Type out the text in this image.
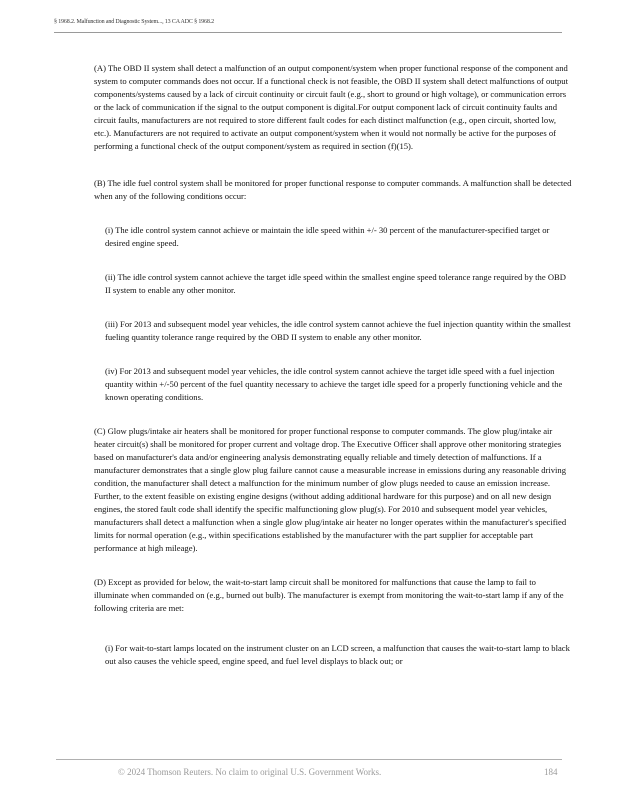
§ 1968.2. Malfunction and Diagnostic System..., 13 CA ADC § 1968.2

(A) The OBD II system shall detect a malfunction of an output component/system when proper functional response of the component and system to computer commands does not occur. If a functional check is not feasible, the OBD II system shall detect malfunctions of output components/systems caused by a lack of circuit continuity or circuit fault (e.g., short to ground or high voltage), or communication errors or the lack of communication if the signal to the output component is digital.For output component lack of circuit continuity faults and circuit faults, manufacturers are not required to store different fault codes for each distinct malfunction (e.g., open circuit, shorted low, etc.). Manufacturers are not required to activate an output component/system when it would not normally be active for the purposes of performing a functional check of the output component/system as required in section (f)(15).

(B) The idle fuel control system shall be monitored for proper functional response to computer commands. A malfunction shall be detected when any of the following conditions occur:

(i) The idle control system cannot achieve or maintain the idle speed within +/- 30 percent of the manufacturer-specified target or desired engine speed.

(ii) The idle control system cannot achieve the target idle speed within the smallest engine speed tolerance range required by the OBD II system to enable any other monitor.

(iii) For 2013 and subsequent model year vehicles, the idle control system cannot achieve the fuel injection quantity within the smallest fueling quantity tolerance range required by the OBD II system to enable any other monitor.

(iv) For 2013 and subsequent model year vehicles, the idle control system cannot achieve the target idle speed with a fuel injection quantity within +/-50 percent of the fuel quantity necessary to achieve the target idle speed for a properly functioning vehicle and the known operating conditions.

(C) Glow plugs/intake air heaters shall be monitored for proper functional response to computer commands. The glow plug/intake air heater circuit(s) shall be monitored for proper current and voltage drop. The Executive Officer shall approve other monitoring strategies based on manufacturer's data and/or engineering analysis demonstrating equally reliable and timely detection of malfunctions. If a manufacturer demonstrates that a single glow plug failure cannot cause a measurable increase in emissions during any reasonable driving condition, the manufacturer shall detect a malfunction for the minimum number of glow plugs needed to cause an emission increase. Further, to the extent feasible on existing engine designs (without adding additional hardware for this purpose) and on all new design engines, the stored fault code shall identify the specific malfunctioning glow plug(s). For 2010 and subsequent model year vehicles, manufacturers shall detect a malfunction when a single glow plug/intake air heater no longer operates within the manufacturer's specified limits for normal operation (e.g., within specifications established by the manufacturer with the part supplier for acceptable part performance at high mileage).

(D) Except as provided for below, the wait-to-start lamp circuit shall be monitored for malfunctions that cause the lamp to fail to illuminate when commanded on (e.g., burned out bulb). The manufacturer is exempt from monitoring the wait-to-start lamp if any of the following criteria are met:

(i) For wait-to-start lamps located on the instrument cluster on an LCD screen, a malfunction that causes the wait-to-start lamp to black out also causes the vehicle speed, engine speed, and fuel level displays to black out; or

© 2024 Thomson Reuters. No claim to original U.S. Government Works.	184
